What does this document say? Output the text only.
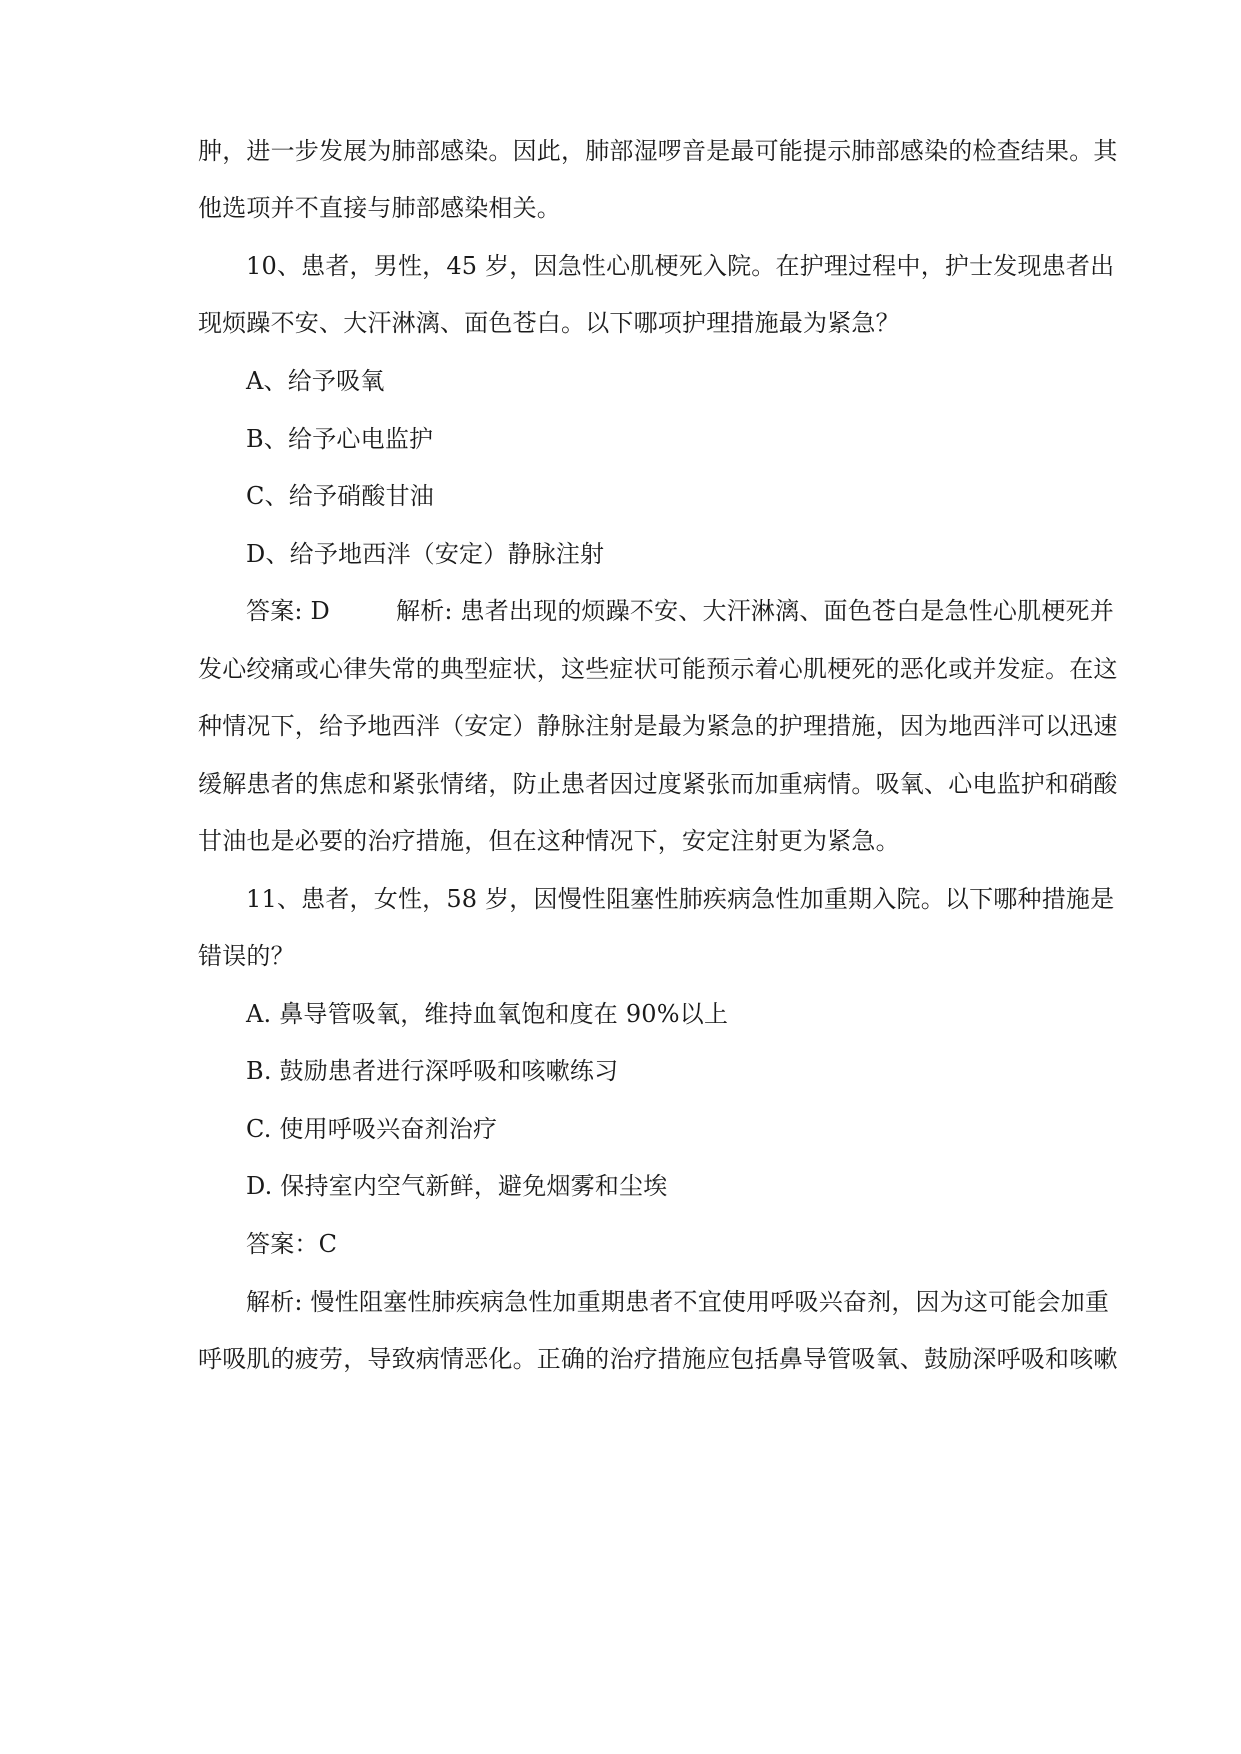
肿，进一步发展为肺部感染。因此，肺部湿啰音是最可能提示肺部感染的检查结果。其
他选项并不直接与肺部感染相关。
10、患者，男性，45 岁，因急性心肌梗死入院。在护理过程中，护士发现患者出
现烦躁不安、大汗淋漓、面色苍白。以下哪项护理措施最为紧急？
A、给予吸氧
B、给予心电监护
C、给予硝酸甘油
D、给予地西泮（安定）静脉注射
答案: D	解析: 患者出现的烦躁不安、大汗淋漓、面色苍白是急性心肌梗死并
发心绞痛或心律失常的典型症状，这些症状可能预示着心肌梗死的恶化或并发症。在这
种情况下，给予地西泮（安定）静脉注射是最为紧急的护理措施，因为地西泮可以迅速
缓解患者的焦虑和紧张情绪，防止患者因过度紧张而加重病情。吸氧、心电监护和硝酸
甘油也是必要的治疗措施，但在这种情况下，安定注射更为紧急。
11、患者，女性，58 岁，因慢性阻塞性肺疾病急性加重期入院。以下哪种措施是
错误的？
A. 鼻导管吸氧，维持血氧饱和度在 90%以上
B. 鼓励患者进行深呼吸和咳嗽练习
C. 使用呼吸兴奋剂治疗
D. 保持室内空气新鲜，避免烟雾和尘埃
答案：C
解析: 慢性阻塞性肺疾病急性加重期患者不宜使用呼吸兴奋剂，因为这可能会加重
呼吸肌的疲劳，导致病情恶化。正确的治疗措施应包括鼻导管吸氧、鼓励深呼吸和咳嗽
